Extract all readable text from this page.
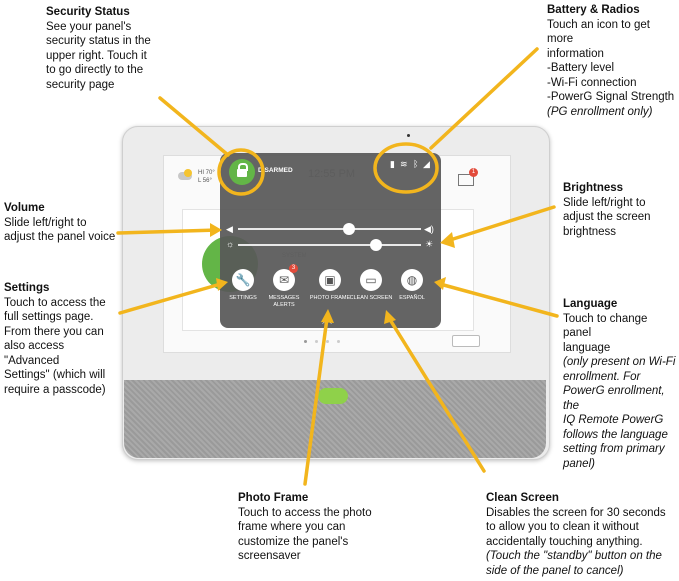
Security Status
See your panel's
security status in the
upper right. Touch it
to go directly to the
security page
Battery & Radios
Touch an icon to get more
information
-Battery level
-Wi-Fi connection
-PowerG Signal Strength
(PG enrollment only)
Volume
Slide left/right to
adjust the panel voice
Brightness
Slide left/right to
adjust the screen
brightness
Settings
Touch to access the
full settings page.
From there you can
also access "Advanced
Settings" (which will
require a passcode)
Language
Touch to change panel
language
(only present on Wi-Fi
enrollment. For
PowerG enrollment, the
IQ Remote PowerG
follows the language
setting from primary
panel)
Photo Frame
Touch to access the photo
frame where you can
customize the panel's
screensaver
Clean Screen
Disables the screen for 30 seconds
to allow you to clean it without
accidentally touching anything.
(Touch the "standby" button on the
side of the panel to cancel)
HI 70°
L 56°
1
DISARMED
▮ ≋ ᛒ ◢
◀	◀)
☼	☀
🔧	✉
3
▣	▭	◍
SETTINGS	MESSAGES ALERTS
PHOTO FRAME CLEAN SCREEN	ESPAÑOL
